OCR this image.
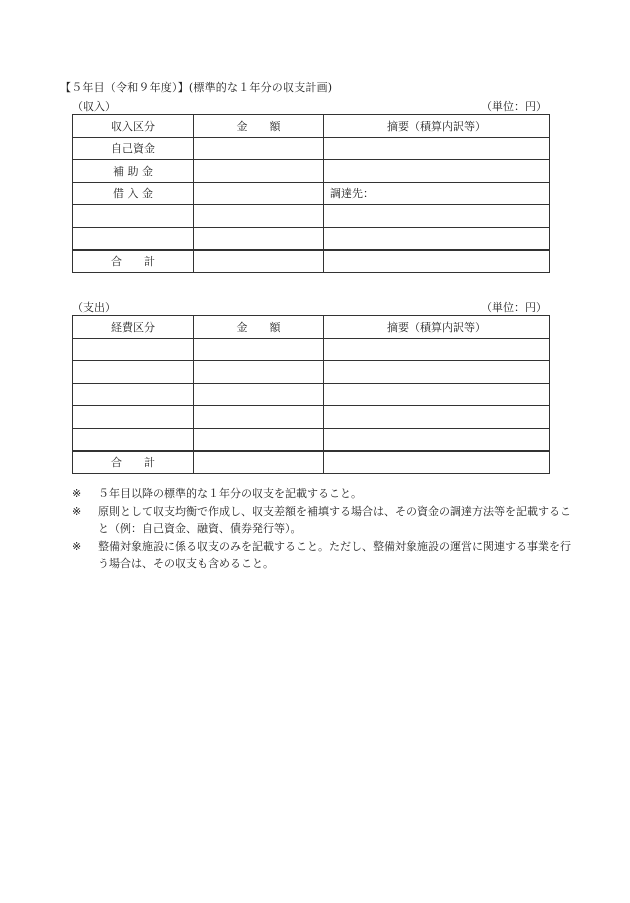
【５年目（令和９年度）】(標準的な１年分の収支計画)
（収入）	（単位：円）
収入区分	金　　額	摘要（積算内訳等）
自己資金		
補 助 金		
借 入 金		調達先：

合　　計		
（支出）	（単位：円）
経費区分	金　　額	摘要（積算内訳等）

合　　計		
※	５年目以降の標準的な１年分の収支を記載すること。
※	原則として収支均衡で作成し、収支差額を補填する場合は、その資金の調達方法等を記載すること（例：自己資金、融資、債券発行等）。
※	整備対象施設に係る収支のみを記載すること。ただし、整備対象施設の運営に関連する事業を行う場合は、その収支も含めること。
